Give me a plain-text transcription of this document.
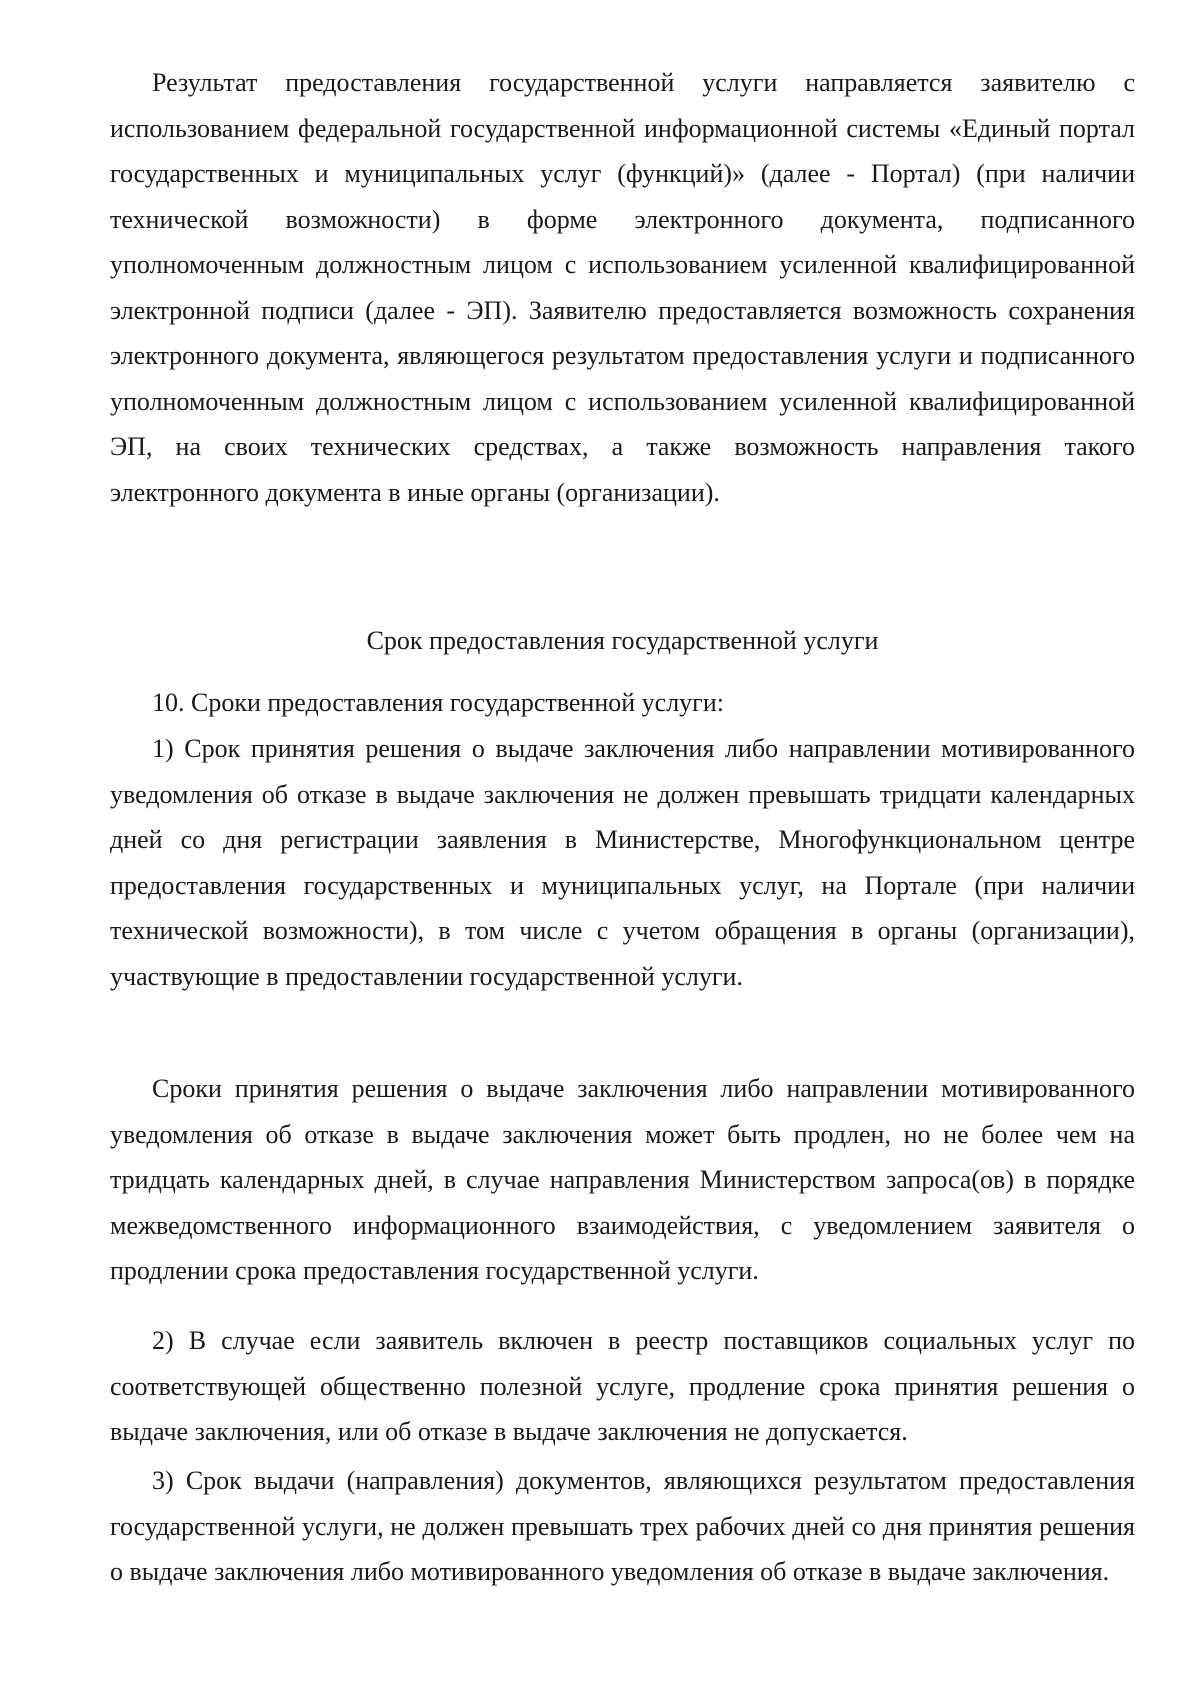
Результат предоставления государственной услуги направляется заявителю с использованием федеральной государственной информационной системы «Единый портал государственных и муниципальных услуг (функций)» (далее - Портал) (при наличии технической возможности) в форме электронного документа, подписанного уполномоченным должностным лицом с использованием усиленной квалифицированной электронной подписи (далее - ЭП). Заявителю предоставляется возможность сохранения электронного документа, являющегося результатом предоставления услуги и подписанного уполномоченным должностным лицом с использованием усиленной квалифицированной ЭП, на своих технических средствах, а также возможность направления такого электронного документа в иные органы (организации).

Срок предоставления государственной услуги

10. Сроки предоставления государственной услуги:

1) Срок принятия решения о выдаче заключения либо направлении мотивированного уведомления об отказе в выдаче заключения не должен превышать тридцати календарных дней со дня регистрации заявления в Министерстве, Многофункциональном центре предоставления государственных и муниципальных услуг, на Портале (при наличии технической возможности), в том числе с учетом обращения в органы (организации), участвующие в предоставлении государственной услуги.

Сроки принятия решения о выдаче заключения либо направлении мотивированного уведомления об отказе в выдаче заключения может быть продлен, но не более чем на тридцать календарных дней, в случае направления Министерством запроса(ов) в порядке межведомственного информационного взаимодействия, с уведомлением заявителя о продлении срока предоставления государственной услуги.

2) В случае если заявитель включен в реестр поставщиков социальных услуг по соответствующей общественно полезной услуге, продление срока принятия решения о выдаче заключения, или об отказе в выдаче заключения не допускается.

3) Срок выдачи (направления) документов, являющихся результатом предоставления государственной услуги, не должен превышать трех рабочих дней со дня принятия решения о выдаче заключения либо мотивированного уведомления об отказе в выдаче заключения.
